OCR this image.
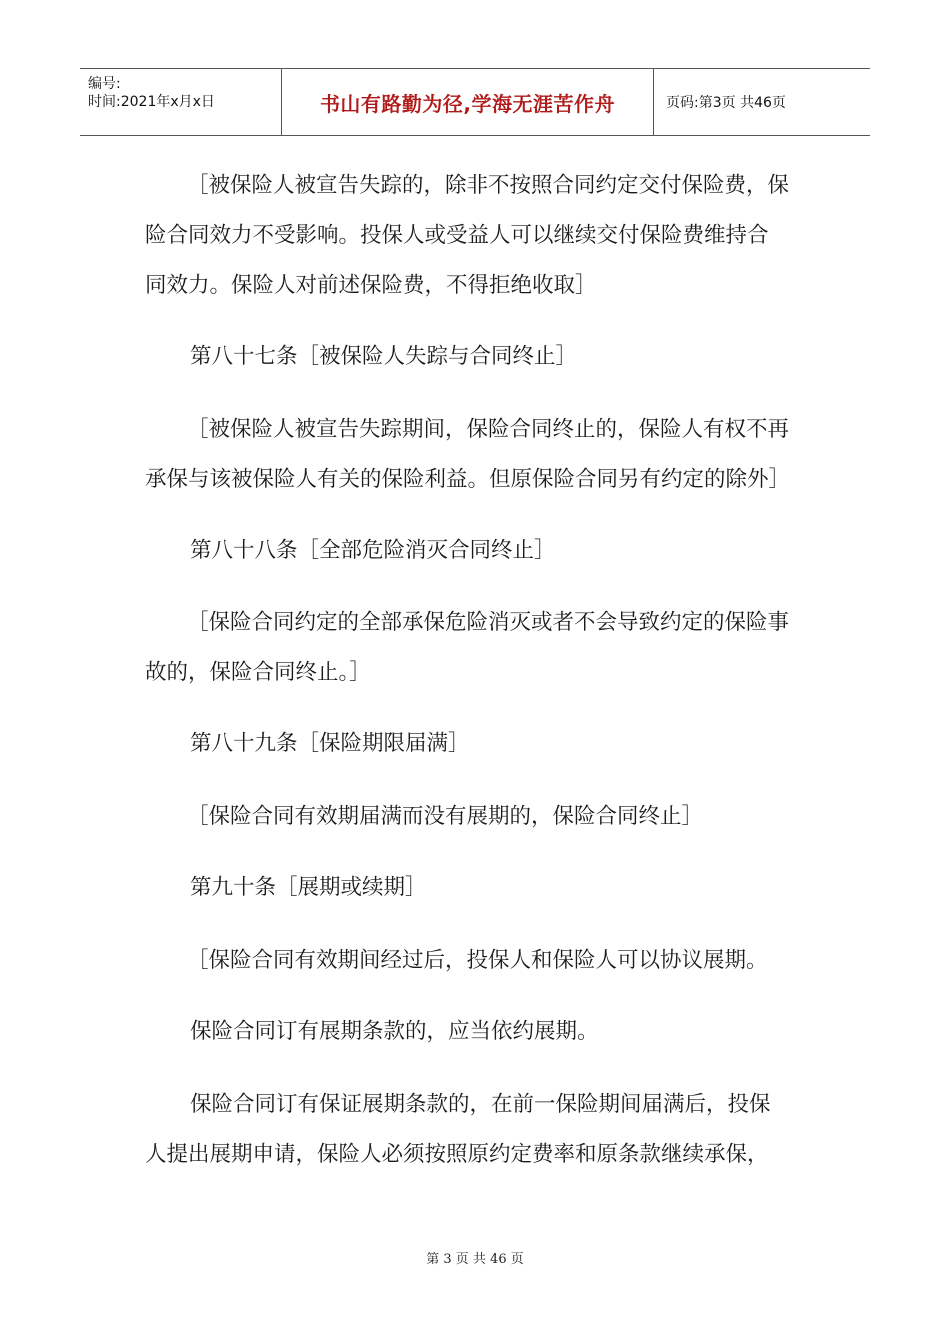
编号:
时间:2021年x月x日	书山有路勤为径,学海无涯苦作舟	页码:第3页 共46页
［被保险人被宣告失踪的，除非不按照合同约定交付保险费，保
险合同效力不受影响。投保人或受益人可以继续交付保险费维持合
同效力。保险人对前述保险费，不得拒绝收取］
第八十七条［被保险人失踪与合同终止］
［被保险人被宣告失踪期间，保险合同终止的，保险人有权不再
承保与该被保险人有关的保险利益。但原保险合同另有约定的除外］
第八十八条［全部危险消灭合同终止］
［保险合同约定的全部承保危险消灭或者不会导致约定的保险事
故的，保险合同终止。］
第八十九条［保险期限届满］
［保险合同有效期届满而没有展期的，保险合同终止］
第九十条［展期或续期］
［保险合同有效期间经过后，投保人和保险人可以协议展期。
保险合同订有展期条款的，应当依约展期。
保险合同订有保证展期条款的，在前一保险期间届满后，投保
人提出展期申请，保险人必须按照原约定费率和原条款继续承保，
第 3 页 共 46 页
